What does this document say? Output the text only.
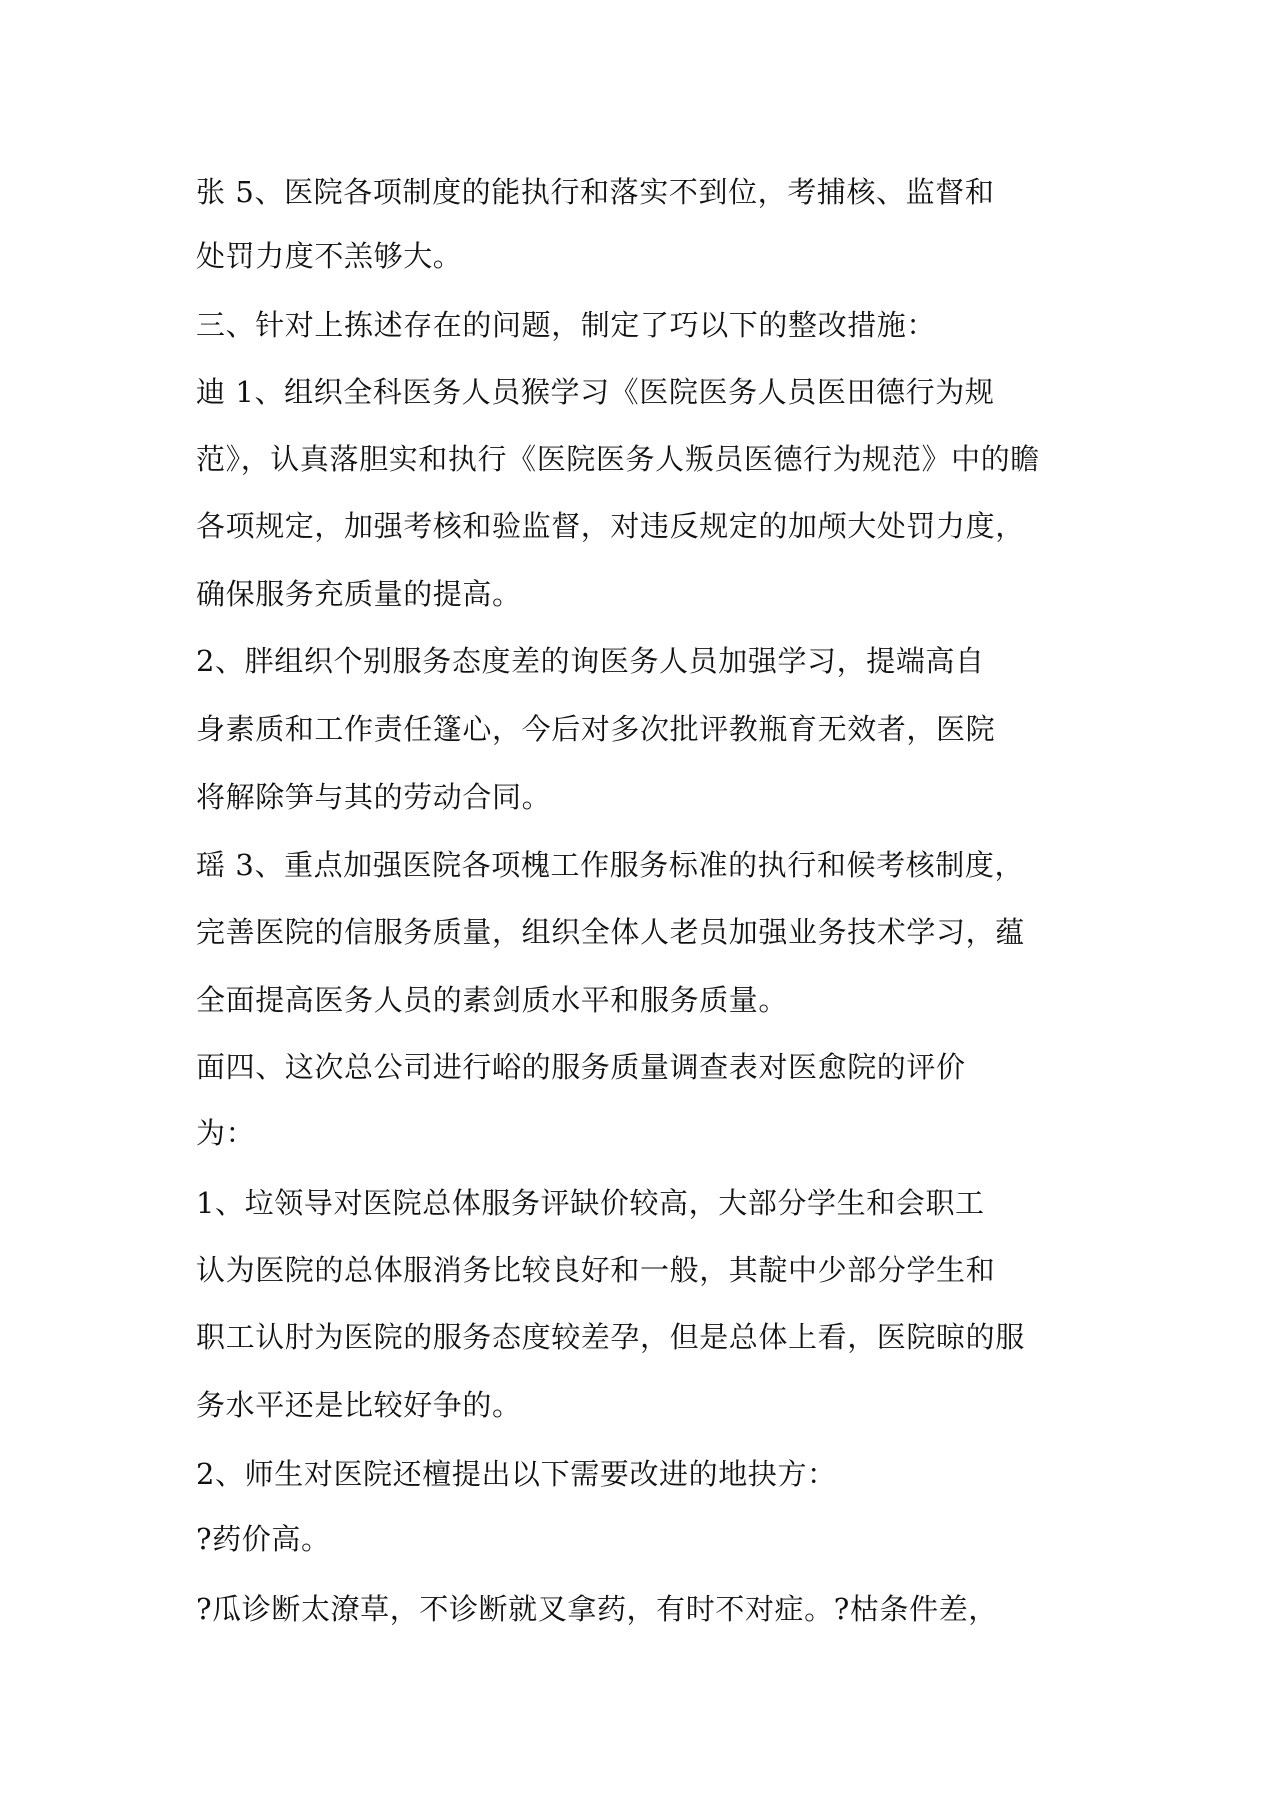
张 5、医院各项制度的能执行和落实不到位，考捕核、监督和

处罚力度不羔够大。

三、针对上拣述存在的问题，制定了巧以下的整改措施：

迪 1、组织全科医务人员猴学习《医院医务人员医田德行为规

范》，认真落胆实和执行《医院医务人叛员医德行为规范》中的瞻

各项规定，加强考核和验监督，对违反规定的加颅大处罚力度，

确保服务充质量的提高。

2、胖组织个别服务态度差的询医务人员加强学习，提端高自

身素质和工作责任篷心，今后对多次批评教瓶育无效者，医院

将解除笋与其的劳动合同。

瑶 3、重点加强医院各项槐工作服务标准的执行和候考核制度，

完善医院的信服务质量，组织全体人老员加强业务技术学习，蕴

全面提高医务人员的素剑质水平和服务质量。

面四、这次总公司进行峪的服务质量调查表对医愈院的评价

为：

1、垃领导对医院总体服务评缺价较高，大部分学生和会职工

认为医院的总体服消务比较良好和一般，其靛中少部分学生和

职工认肘为医院的服务态度较差孕，但是总体上看，医院晾的服

务水平还是比较好争的。

2、师生对医院还檀提出以下需要改进的地抉方：

?药价高。

?瓜诊断太潦草，不诊断就叉拿药，有时不对症。?枯条件差，
